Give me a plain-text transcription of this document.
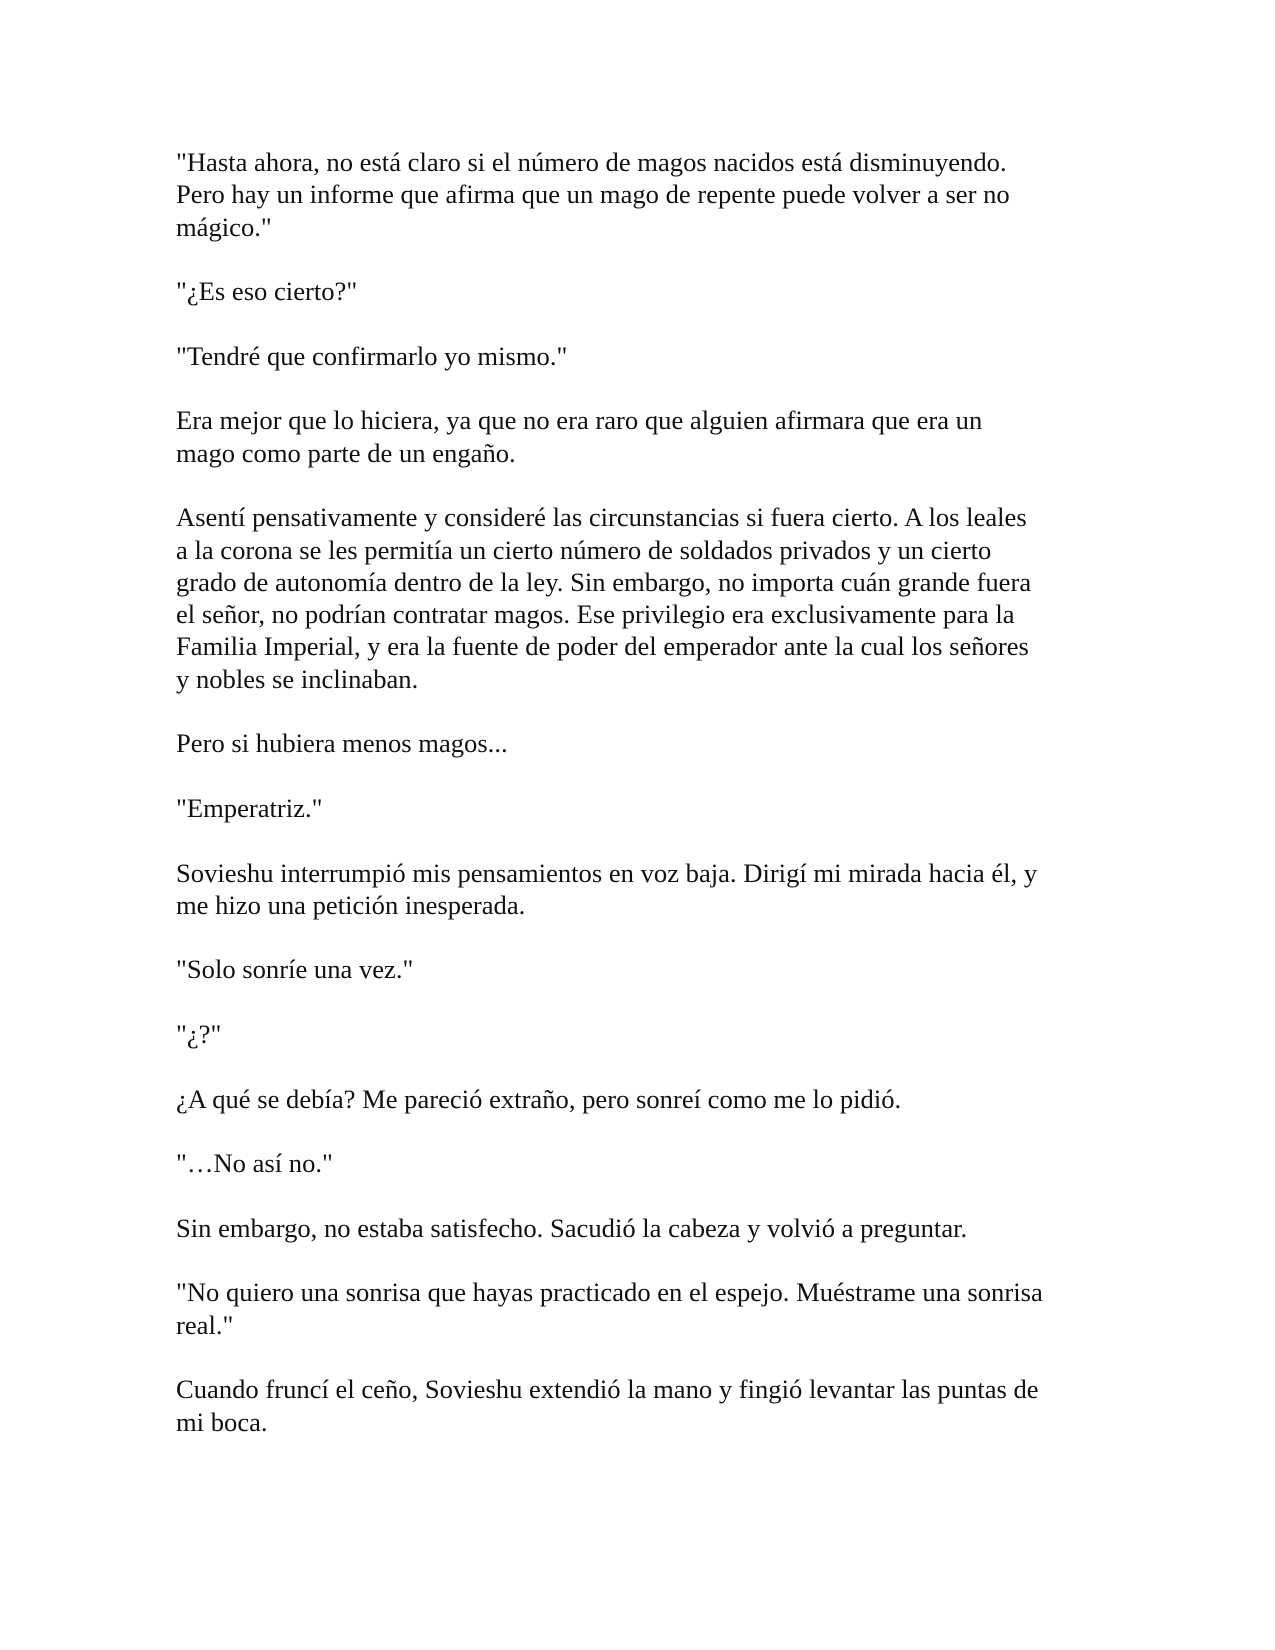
"Hasta ahora, no está claro si el número de magos nacidos está disminuyendo.
Pero hay un informe que afirma que un mago de repente puede volver a ser no
mágico."

"¿Es eso cierto?"

"Tendré que confirmarlo yo mismo."

Era mejor que lo hiciera, ya que no era raro que alguien afirmara que era un
mago como parte de un engaño.

Asentí pensativamente y consideré las circunstancias si fuera cierto. A los leales
a la corona se les permitía un cierto número de soldados privados y un cierto
grado de autonomía dentro de la ley. Sin embargo, no importa cuán grande fuera
el señor, no podrían contratar magos. Ese privilegio era exclusivamente para la
Familia Imperial, y era la fuente de poder del emperador ante la cual los señores
y nobles se inclinaban.

Pero si hubiera menos magos...

"Emperatriz."

Sovieshu interrumpió mis pensamientos en voz baja. Dirigí mi mirada hacia él, y
me hizo una petición inesperada.

"Solo sonríe una vez."

"¿?"

¿A qué se debía? Me pareció extraño, pero sonreí como me lo pidió.

"…No así no."

Sin embargo, no estaba satisfecho. Sacudió la cabeza y volvió a preguntar.

"No quiero una sonrisa que hayas practicado en el espejo. Muéstrame una sonrisa
real."

Cuando fruncí el ceño, Sovieshu extendió la mano y fingió levantar las puntas de
mi boca.
